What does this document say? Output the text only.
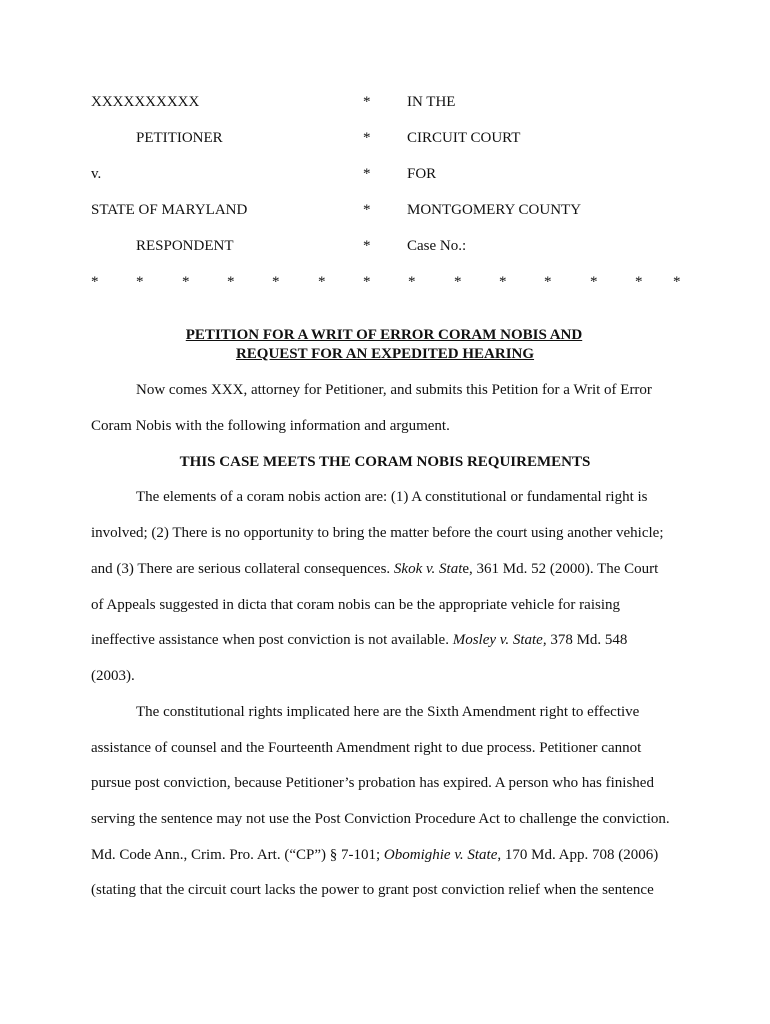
XXXXXXXXXX	* IN THE
PETITIONER	* CIRCUIT COURT
v.	* FOR
STATE OF MARYLAND	* MONTGOMERY COUNTY
RESPONDENT	* Case No.:
*	*	*	*	*	*	*	*	*	*	*	*	* *
PETITION FOR A WRIT OF ERROR CORAM NOBIS AND
REQUEST FOR AN EXPEDITED HEARING
Now comes XXX, attorney for Petitioner, and submits this Petition for a Writ of Error
Coram Nobis with the following information and argument.
THIS CASE MEETS THE CORAM NOBIS REQUIREMENTS
The elements of a coram nobis action are: (1) A constitutional or fundamental right is
involved; (2) There is no opportunity to bring the matter before the court using another vehicle;
and (3) There are serious collateral consequences. Skok v. State, 361 Md. 52 (2000). The Court
of Appeals suggested in dicta that coram nobis can be the appropriate vehicle for raising
ineffective assistance when post conviction is not available. Mosley v. State, 378 Md. 548
(2003).
The constitutional rights implicated here are the Sixth Amendment right to effective
assistance of counsel and the Fourteenth Amendment right to due process. Petitioner cannot
pursue post conviction, because Petitioner’s probation has expired. A person who has finished
serving the sentence may not use the Post Conviction Procedure Act to challenge the conviction.
Md. Code Ann., Crim. Pro. Art. (“CP”) § 7-101; Obomighie v. State, 170 Md. App. 708 (2006)
(stating that the circuit court lacks the power to grant post conviction relief when the sentence
